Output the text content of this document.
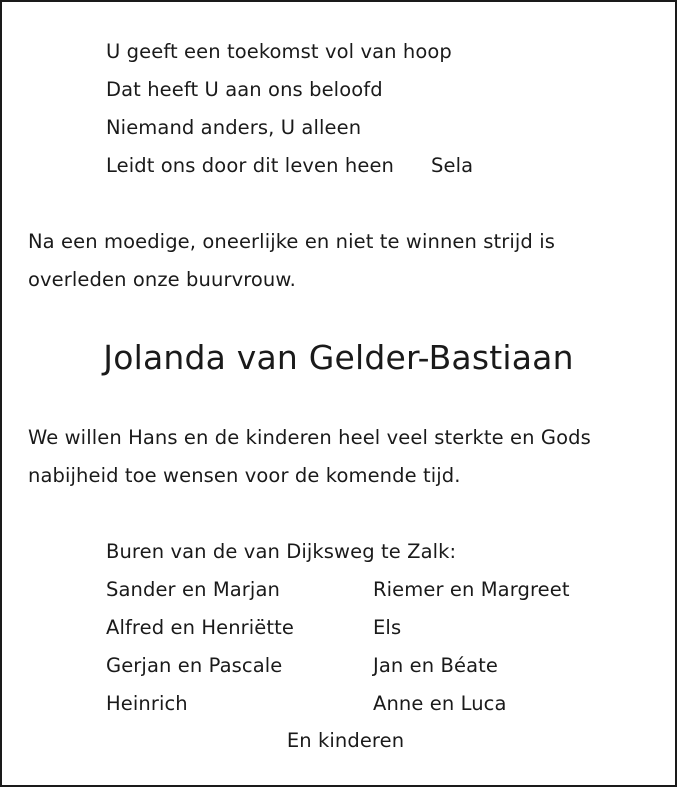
U geeft een toekomst vol van hoop
Dat heeft U aan ons beloofd
Niemand anders, U alleen
Leidt ons door dit leven heen Sela
Na een moedige, oneerlijke en niet te winnen strijd is
overleden onze buurvrouw.
Jolanda van Gelder-Bastiaan
We willen Hans en de kinderen heel veel sterkte en Gods
nabijheid toe wensen voor de komende tijd.
Buren van de van Dijksweg te Zalk:
Sander en Marjan	Riemer en Margreet
Alfred en Henriëtte	Els
Gerjan en Pascale	Jan en Béate
Heinrich	Anne en Luca
En kinderen
